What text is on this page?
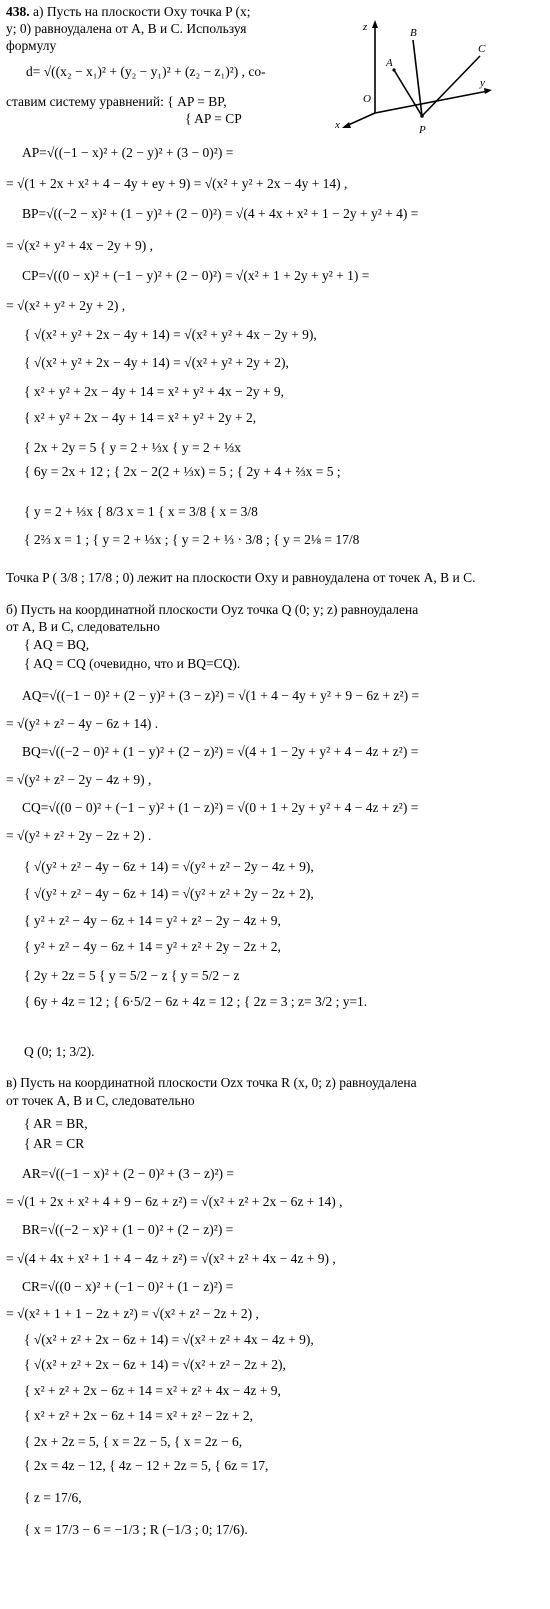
z	B
A
C
O
y
x	P
438. а) Пусть на плоскости Oxy точка P (x;
y; 0) равноудалена от A, B и C. Используя
формулу
d= √((x₂ − x₁)² + (y₂ − y₁)² + (z₂ − z₁)²) , со-
ставим систему уравнений: { AP = BP,
{ AP = CP
AP=√((−1 − x)² + (2 − y)² + (3 − 0)²) =
= √(1 + 2x + x² + 4 − 4y + ey + 9) = √(x² + y² + 2x − 4y + 14) ,
BP=√((−2 − x)² + (1 − y)² + (2 − 0)²) = √(4 + 4x + x² + 1 − 2y + y² + 4) =
= √(x² + y² + 4x − 2y + 9) ,
CP=√((0 − x)² + (−1 − y)² + (2 − 0)²) = √(x² + 1 + 2y + y² + 1) =
= √(x² + y² + 2y + 2) ,
{ √(x² + y² + 2x − 4y + 14) = √(x² + y² + 4x − 2y + 9),
{ √(x² + y² + 2x − 4y + 14) = √(x² + y² + 2y + 2),
{ x² + y² + 2x − 4y + 14 = x² + y² + 4x − 2y + 9,
{ x² + y² + 2x − 4y + 14 = x² + y² + 2y + 2,
{ 2x + 2y = 5 { y = 2 + ⅓x { y = 2 + ⅓x
{ 6y = 2x + 12 ; { 2x − 2(2 + ⅓x) = 5 ; { 2y + 4 + ⅔x = 5 ;
{ y = 2 + ⅓x { 8/3 x = 1 { x = 3/8 { x = 3/8
{ 2⅔ x = 1 ; { y = 2 + ⅓x ; { y = 2 + ⅓ · 3/8 ; { y = 2⅛ = 17/8
Точка P ( 3/8 ; 17/8 ; 0) лежит на плоскости Oxy и равноудалена от точек A, B и C.
б) Пусть на координатной плоскости Oyz точка Q (0; y; z) равноудалена
от A, B и C, следовательно
{ AQ = BQ,
{ AQ = CQ (очевидно, что и BQ=CQ).
AQ=√((−1 − 0)² + (2 − y)² + (3 − z)²) = √(1 + 4 − 4y + y² + 9 − 6z + z²) =
= √(y² + z² − 4y − 6z + 14) .
BQ=√((−2 − 0)² + (1 − y)² + (2 − z)²) = √(4 + 1 − 2y + y² + 4 − 4z + z²) =
= √(y² + z² − 2y − 4z + 9) ,
CQ=√((0 − 0)² + (−1 − y)² + (1 − z)²) = √(0 + 1 + 2y + y² + 4 − 4z + z²) =
= √(y² + z² + 2y − 2z + 2) .
{ √(y² + z² − 4y − 6z + 14) = √(y² + z² − 2y − 4z + 9),
{ √(y² + z² − 4y − 6z + 14) = √(y² + z² + 2y − 2z + 2),
{ y² + z² − 4y − 6z + 14 = y² + z² − 2y − 4z + 9,
{ y² + z² − 4y − 6z + 14 = y² + z² + 2y − 2z + 2,
{ 2y + 2z = 5 { y = 5/2 − z { y = 5/2 − z
{ 6y + 4z = 12 ; { 6·5/2 − 6z + 4z = 12 ; { 2z = 3 ; z= 3/2 ; y=1.
Q (0; 1; 3/2).
в) Пусть на координатной плоскости Ozx точка R (x, 0; z) равноудалена
от точек A, B и C, следовательно
{ AR = BR,
{ AR = CR
AR=√((−1 − x)² + (2 − 0)² + (3 − z)²) =
= √(1 + 2x + x² + 4 + 9 − 6z + z²) = √(x² + z² + 2x − 6z + 14) ,
BR=√((−2 − x)² + (1 − 0)² + (2 − z)²) =
= √(4 + 4x + x² + 1 + 4 − 4z + z²) = √(x² + z² + 4x − 4z + 9) ,
CR=√((0 − x)² + (−1 − 0)² + (1 − z)²) =
= √(x² + 1 + 1 − 2z + z²) = √(x² + z² − 2z + 2) ,
{ √(x² + z² + 2x − 6z + 14) = √(x² + z² + 4x − 4z + 9),
{ √(x² + z² + 2x − 6z + 14) = √(x² + z² − 2z + 2),
{ x² + z² + 2x − 6z + 14 = x² + z² + 4x − 4z + 9,
{ x² + z² + 2x − 6z + 14 = x² + z² − 2z + 2,
{ 2x + 2z = 5, { x = 2z − 5, { x = 2z − 6,
{ 2x = 4z − 12, { 4z − 12 + 2z = 5, { 6z = 17,
{ z = 17/6,
{ x = 17/3 − 6 = −1/3 ; R (−1/3 ; 0; 17/6).
